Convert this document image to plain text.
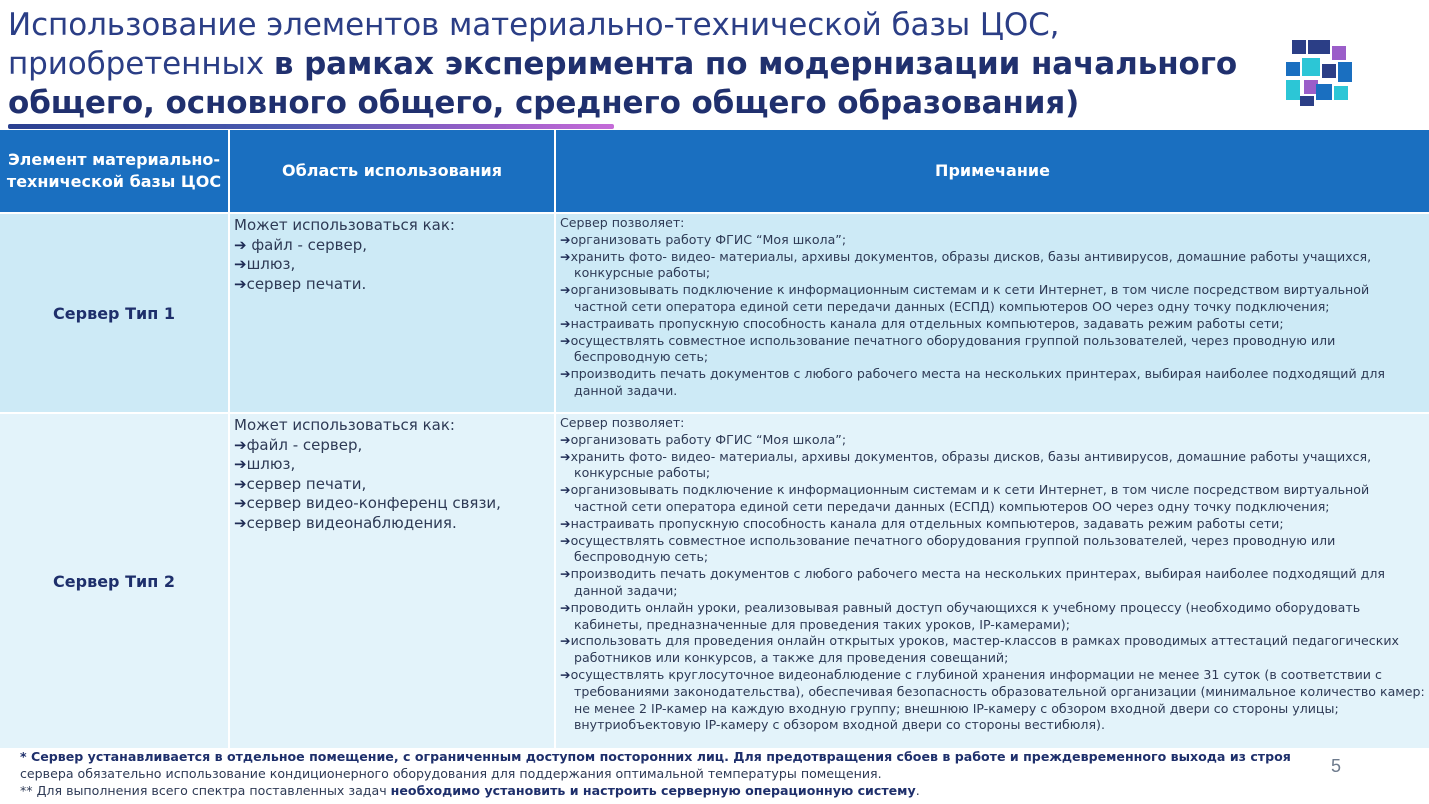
Использование элементов материально-технической базы ЦОС,
приобретенных в рамках эксперимента по модернизации начального
общего, основного общего, среднего общего образования)
Элемент материально-технической базы ЦОС
Область использования	Примечание
Сервер Тип 1
Может использоваться как:
➔ файл - сервер,
➔шлюз,
➔сервер печати.
Сервер позволяет:
➔организовать работу ФГИС “Моя школа”;
➔хранить фото- видео- материалы, архивы документов, образы дисков, базы антивирусов, домашние работы учащихся, конкурсные работы;
➔организовывать подключение к информационным системам и к сети Интернет, в том числе посредством виртуальной частной сети оператора единой сети передачи данных (ЕСПД) компьютеров ОО через одну точку подключения;
➔настраивать пропускную способность канала для отдельных компьютеров, задавать режим работы сети;
➔осуществлять совместное использование печатного оборудования группой пользователей, через проводную или беспроводную сеть;
➔производить печать документов с любого рабочего места на нескольких принтерах, выбирая наиболее подходящий для данной задачи.
Сервер Тип 2
Может использоваться как:
➔файл - сервер,
➔шлюз,
➔сервер печати,
➔сервер видео-конференц связи,
➔сервер видеонаблюдения.
Сервер позволяет:
➔организовать работу ФГИС “Моя школа”;
➔хранить фото- видео- материалы, архивы документов, образы дисков, базы антивирусов, домашние работы учащихся, конкурсные работы;
➔организовывать подключение к информационным системам и к сети Интернет, в том числе посредством виртуальной частной сети оператора единой сети передачи данных (ЕСПД) компьютеров ОО через одну точку подключения;
➔настраивать пропускную способность канала для отдельных компьютеров, задавать режим работы сети;
➔осуществлять совместное использование печатного оборудования группой пользователей, через проводную или беспроводную сеть;
➔производить печать документов с любого рабочего места на нескольких принтерах, выбирая наиболее подходящий для данной задачи;
➔проводить онлайн уроки, реализовывая равный доступ обучающихся к учебному процессу (необходимо оборудовать кабинеты, предназначенные для проведения таких уроков, IP-камерами);
➔использовать для проведения онлайн открытых уроков, мастер-классов в рамках проводимых аттестаций педагогических работников или конкурсов, а также для проведения совещаний;
➔осуществлять круглосуточное видеонаблюдение с глубиной хранения информации не менее 31 суток (в соответствии с требованиями законодательства), обеспечивая безопасность образовательной организации (минимальное количество камер: не менее 2 IP-камер на каждую входную группу; внешнюю IP-камеру с обзором входной двери со стороны улицы; внутриобъектовую IP-камеру с обзором входной двери со стороны вестибюля).
* Сервер устанавливается в отдельное помещение, с ограниченным доступом посторонних лиц. Для предотвращения сбоев в работе и преждевременного выхода из строя сервера обязательно использование кондиционерного оборудования для поддержания оптимальной температуры помещения.
** Для выполнения всего спектра поставленных задач необходимо установить и настроить серверную операционную систему.
5
